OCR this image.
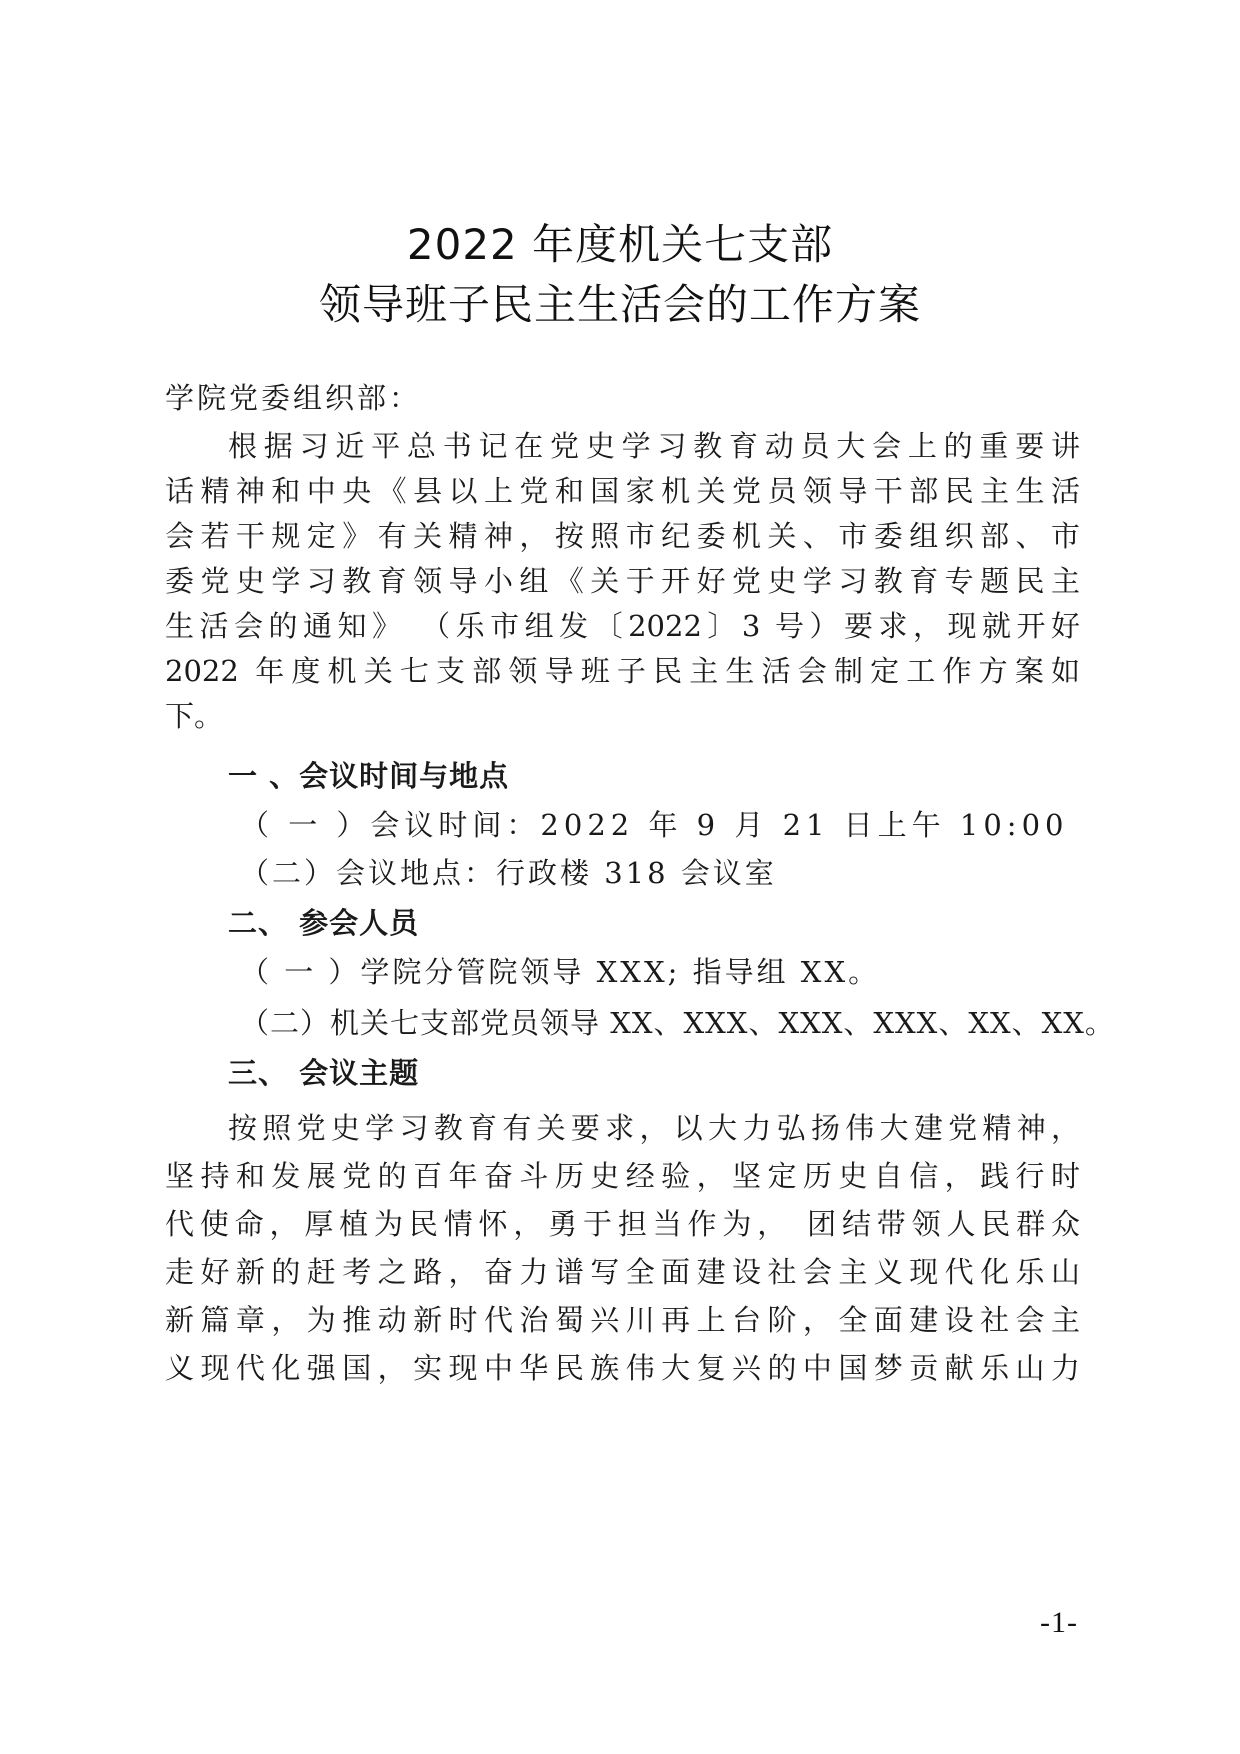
2022 年度机关七支部
领导班子民主生活会的工作方案
学院党委组织部：
根据习近平总书记在党史学习教育动员大会上的重要讲
话精神和中央《县以上党和国家机关党员领导干部民主生活
会若干规定》有关精神，按照市纪委机关、市委组织部、市
委党史学习教育领导小组《关于开好党史学习教育专题民主
生活会的通知》 （乐市组发〔2022〕3 号）要求，现就开好
2022 年度机关七支部领导班子民主生活会制定工作方案如
下。
一 、会议时间与地点
（ 一 ）会议时间：2022 年 9 月 21 日上午 10:00
（二）会议地点：行政楼 318 会议室
二、 参会人员
（ 一 ）学院分管院领导 XXX; 指导组 XX。
（二）机关七支部党员领导 XX、XXX、XXX、XXX、XX、XX。
三、 会议主题
按照党史学习教育有关要求，以大力弘扬伟大建党精神，
坚持和发展党的百年奋斗历史经验，坚定历史自信，践行时
代使命，厚植为民情怀，勇于担当作为， 团结带领人民群众
走好新的赶考之路，奋力谱写全面建设社会主义现代化乐山
新篇章，为推动新时代治蜀兴川再上台阶，全面建设社会主
义现代化强国，实现中华民族伟大复兴的中国梦贡献乐山力
-1-
